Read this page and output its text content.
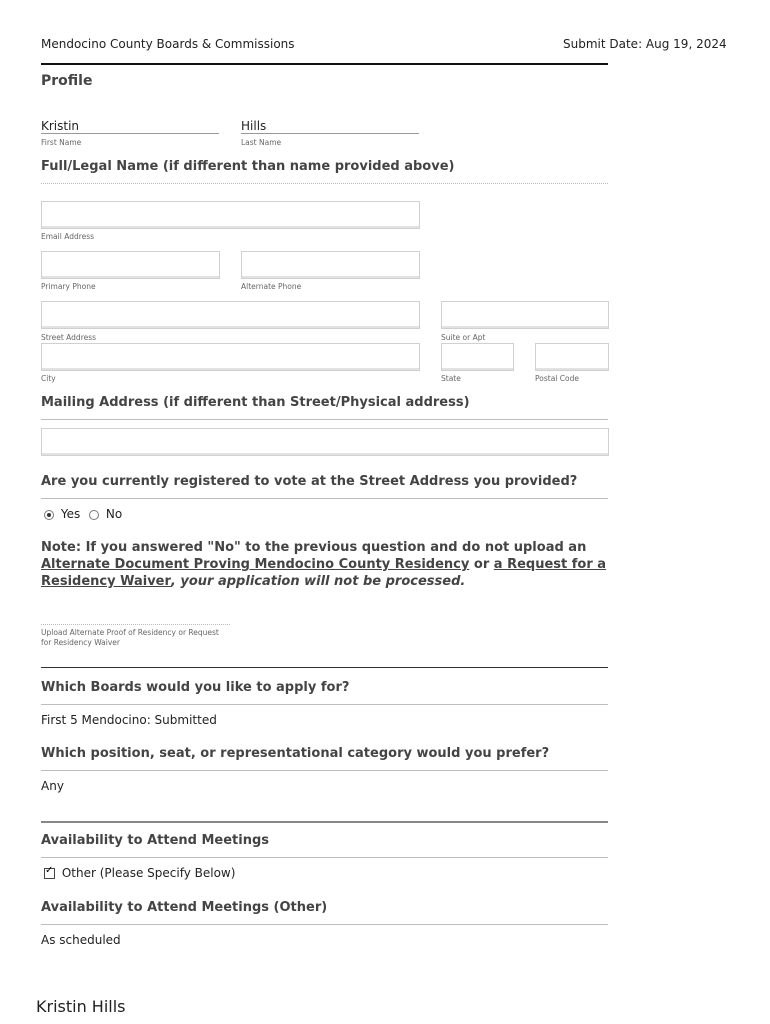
Mendocino County Boards & Commissions	Submit Date: Aug 19, 2024
Profile
Kristin
First Name
Hills
Last Name
Full/Legal Name (if different than name provided above)
Email Address
Primary Phone	Alternate Phone
Street Address	Suite or Apt
City	State	Postal Code
Mailing Address (if different than Street/Physical address)
Are you currently registered to vote at the Street Address you provided?
Yes No
Note: If you answered "No" to the previous question and do not upload an Alternate Document Proving Mendocino County Residency or a Request for a Residency Waiver, your application will not be processed.
Upload Alternate Proof of Residency or Request
for Residency Waiver
Which Boards would you like to apply for?
First 5 Mendocino: Submitted
Which position, seat, or representational category would you prefer?
Any
Availability to Attend Meetings
✓ Other (Please Specify Below)
Availability to Attend Meetings (Other)
As scheduled
Kristin Hills
